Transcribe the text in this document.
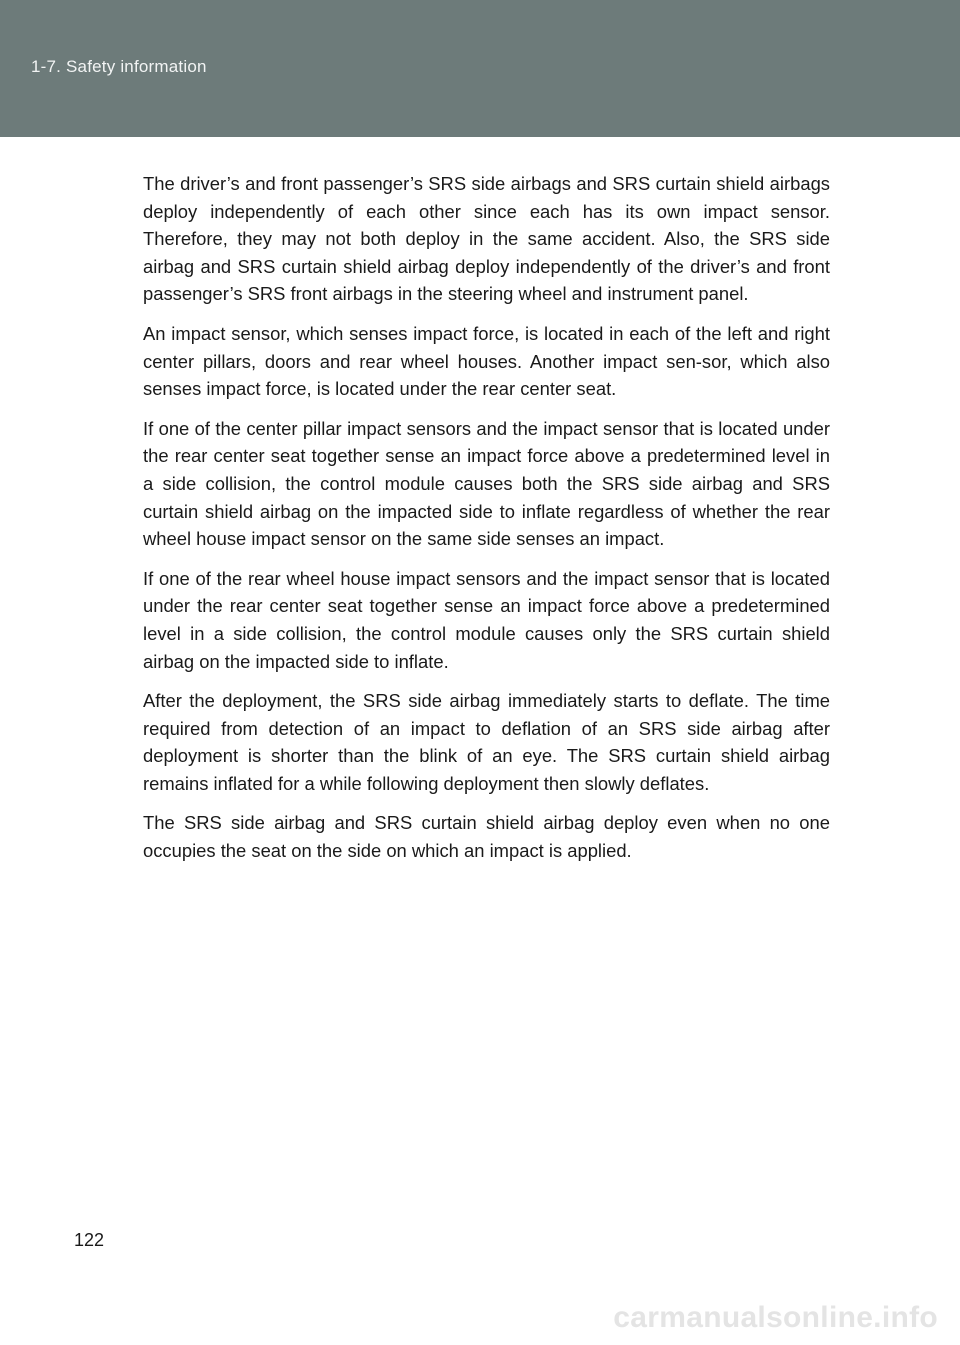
1-7. Safety information

The driver’s and front passenger’s SRS side airbags and SRS curtain shield airbags deploy independently of each other since each has its own impact sensor. Therefore, they may not both deploy in the same accident. Also, the SRS side airbag and SRS curtain shield airbag deploy independently of the driver’s and front passenger’s SRS front airbags in the steering wheel and instrument panel.

An impact sensor, which senses impact force, is located in each of the left and right center pillars, doors and rear wheel houses. Another impact sen-sor, which also senses impact force, is located under the rear center seat.

If one of the center pillar impact sensors and the impact sensor that is located under the rear center seat together sense an impact force above a predetermined level in a side collision, the control module causes both the SRS side airbag and SRS curtain shield airbag on the impacted side to inflate regardless of whether the rear wheel house impact sensor on the same side senses an impact.

If one of the rear wheel house impact sensors and the impact sensor that is located under the rear center seat together sense an impact force above a predetermined level in a side collision, the control module causes only the SRS curtain shield airbag on the impacted side to inflate.

After the deployment, the SRS side airbag immediately starts to deflate. The time required from detection of an impact to deflation of an SRS side airbag after deployment is shorter than the blink of an eye. The SRS curtain shield airbag remains inflated for a while following deployment then slowly deflates.

The SRS side airbag and SRS curtain shield airbag deploy even when no one occupies the seat on the side on which an impact is applied.

122
carmanualsonline.info
